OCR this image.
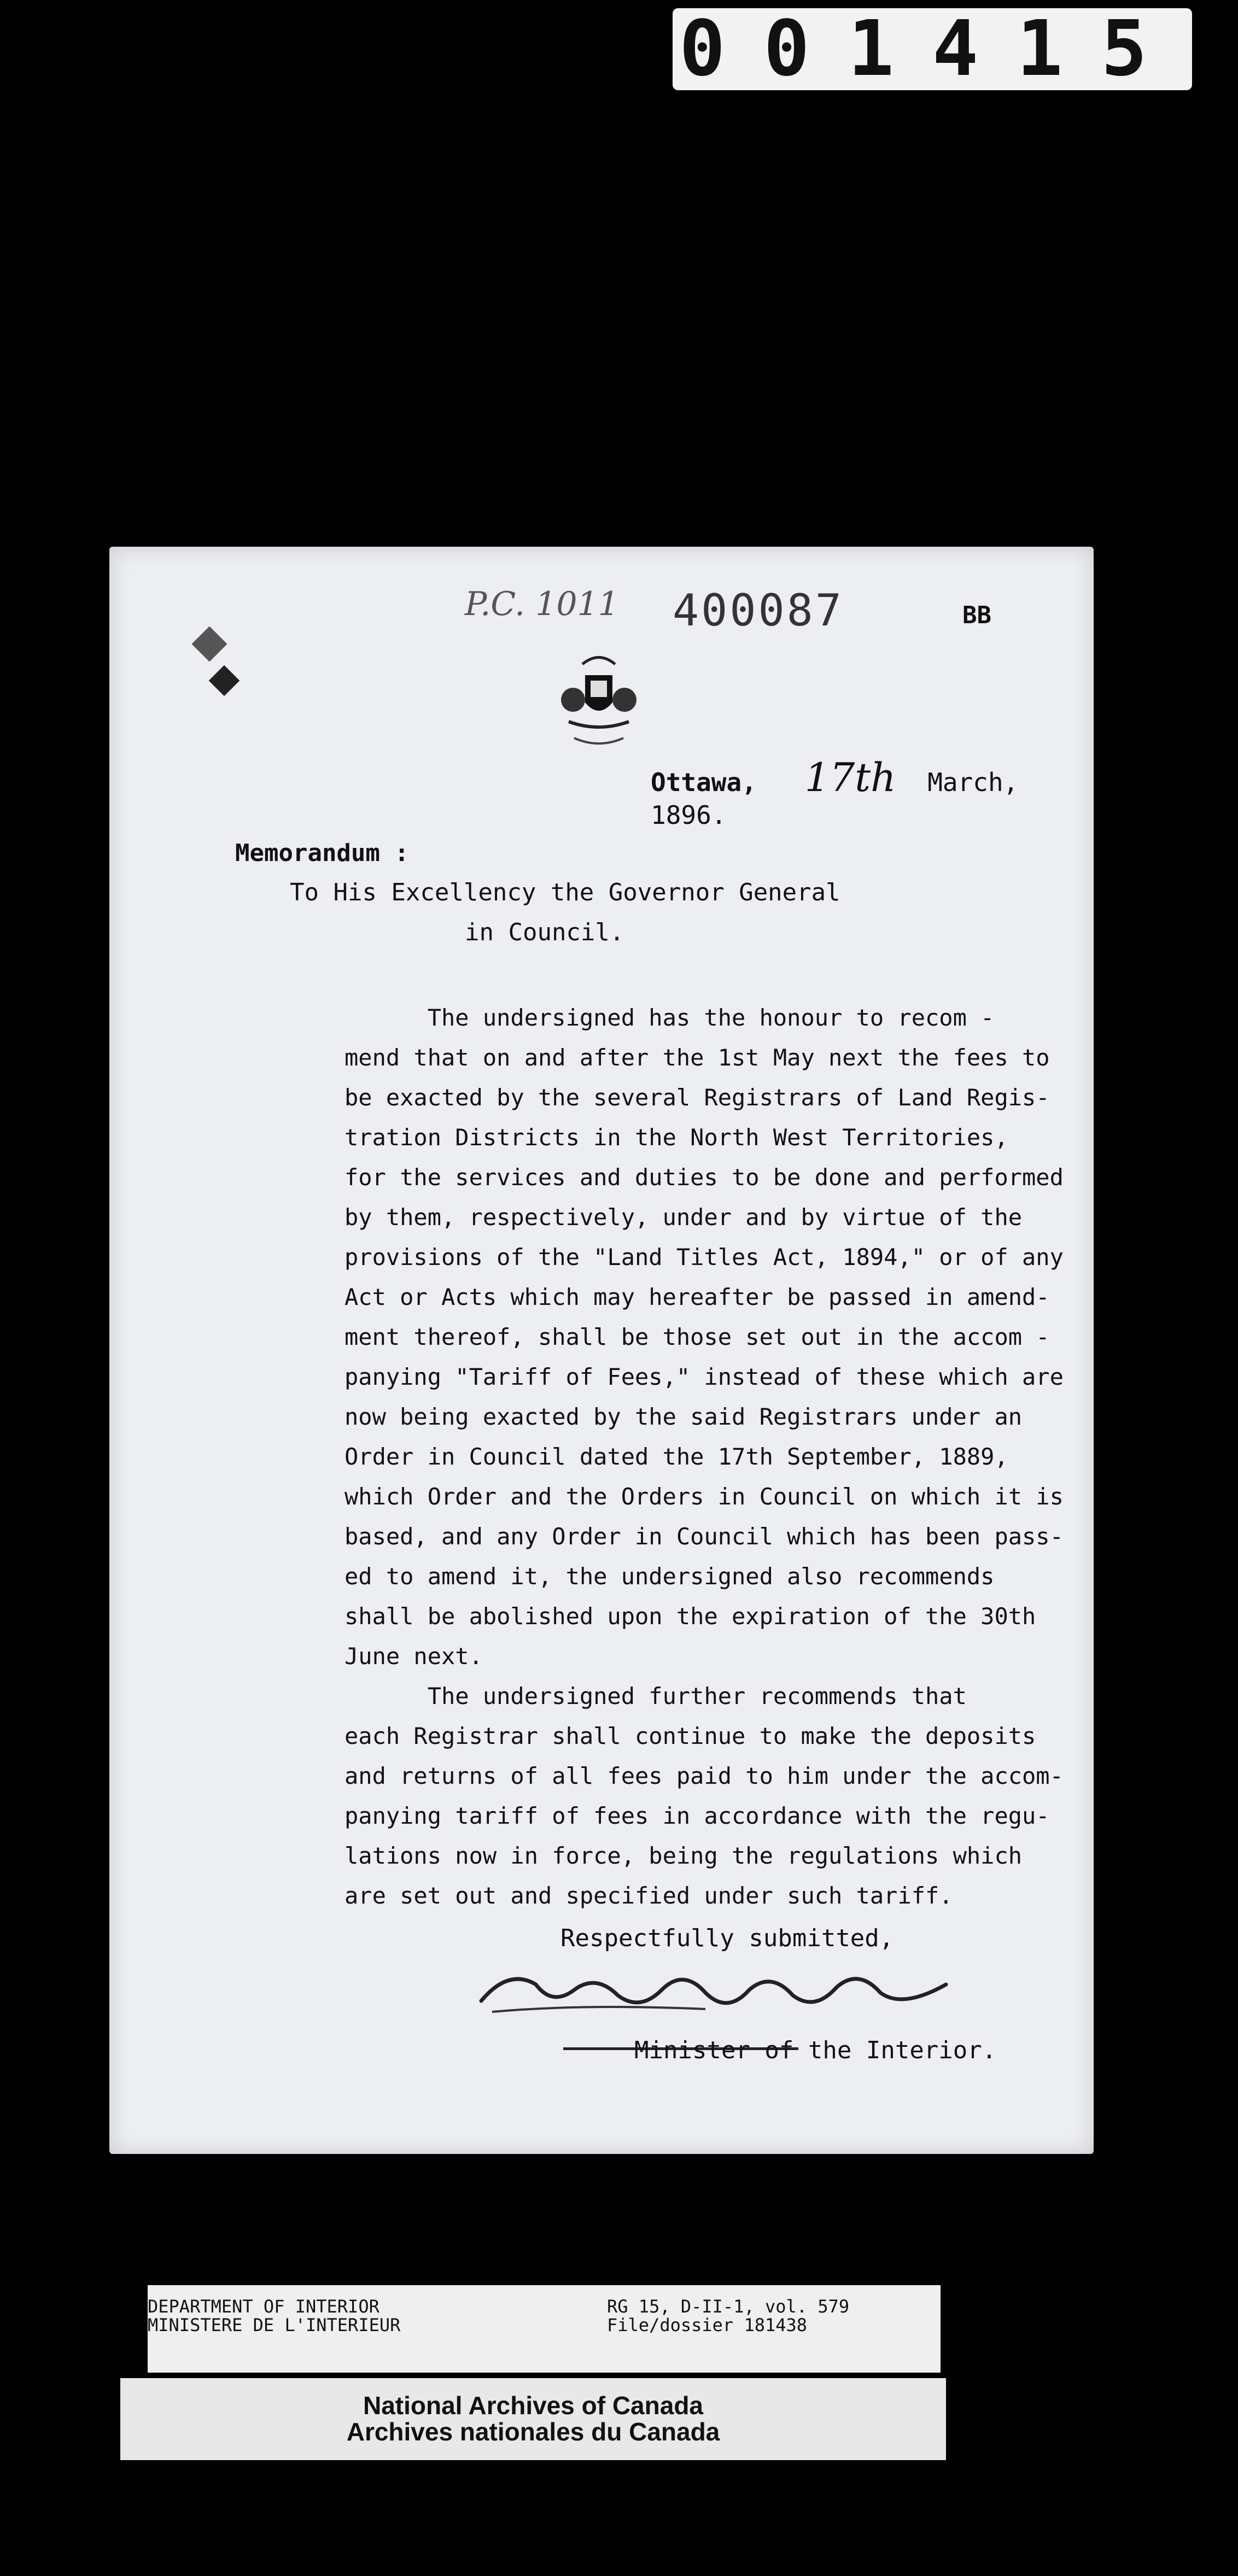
001415
P.C. 1011 400087	BB
Ottawa, 17th March, 1896.
Memorandum :
To His Excellency the Governor General
in Council.
The undersigned has the honour to recom -
mend that on and after the 1st May next the fees to
be exacted by the several Registrars of Land Regis-
tration Districts in the North West Territories,
for the services and duties to be done and performed
by them, respectively, under and by virtue of the
provisions of the "Land Titles Act, 1894," or of any
Act or Acts which may hereafter be passed in amend-
ment thereof, shall be those set out in the accom -
panying "Tariff of Fees," instead of these which are
now being exacted by the said Registrars under an
Order in Council dated the 17th September, 1889,
which Order and the Orders in Council on which it is
based, and any Order in Council which has been pass-
ed to amend it, the undersigned also recommends
shall be abolished upon the expiration of the 30th
June next.
The undersigned further recommends that
each Registrar shall continue to make the deposits
and returns of all fees paid to him under the accom-
panying tariff of fees in accordance with the regu-
lations now in force, being the regulations which
are set out and specified under such tariff.
Respectfully submitted,
Minister of the Interior.
DEPARTMENT OF INTERIOR
MINISTERE DE L'INTERIEUR
RG 15, D-II-1, vol. 579
File/dossier 181438
National Archives of Canada
Archives nationales du Canada
